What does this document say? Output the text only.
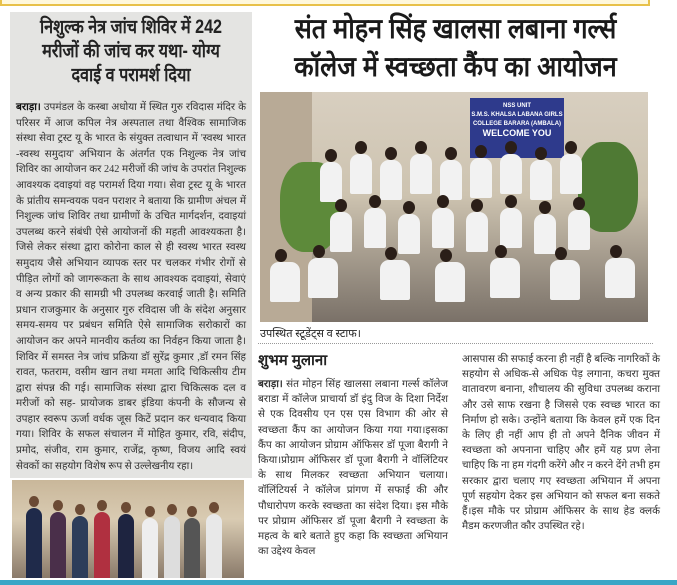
निशुल्क नेत्र जांच शिविर में 242 मरीजों की जांच कर यथा- योग्य दवाई व परामर्श दिया

बराड़ा। उपमंडल के कस्बा अधोया में स्थित गुरु रविदास मंदिर के परिसर में आज कपिल नेत्र अस्पताल तथा वैश्विक सामाजिक संस्था सेवा ट्रस्ट यू के भारत के संयुक्त तत्वाधान में 'स्वस्थ भारत -स्वस्थ समुदाय' अभियान के अंतर्गत एक निशुल्क नेत्र जांच शिविर का आयोजन कर 242 मरीजों की जांच के उपरांत निशुल्क आवश्यक दवाइयां वह परामर्श दिया गया। सेवा ट्रस्ट यू के भारत के प्रांतीय समन्वयक पवन पराशर ने बताया कि ग्रामीण अंचल में निशुल्क जांच शिविर तथा ग्रामीणों के उचित मार्गदर्शन, दवाइयां उपलब्ध करने संबंधी ऐसे आयोजनों की महती आवश्यकता है। जिसे लेकर संस्था द्वारा कोरोना काल से ही स्वस्थ भारत स्वस्थ समुदाय जैसे अभियान व्यापक स्तर पर चलकर गंभीर रोगों से पीड़ित लोगों को जागरूकता के साथ आवश्यक दवाइयां, सेवाएं व अन्य प्रकार की सामग्री भी उपलब्ध करवाई जाती है। समिति प्रधान राजकुमार के अनुसार गुरु रविदास जी के संदेश अनुसार समय-समय पर प्रबंधन समिति ऐसे सामाजिक सरोकारों का आयोजन कर अपने मानवीय कर्तव्य का निर्वहन किया जाता है। शिविर में समस्त नेत्र जांच प्रक्रिया डॉ सुरेंद्र कुमार ,डॉ रमन सिंह रावत, फतराम, वसीम खान तथा ममता आदि चिकित्सीय टीम द्वारा संपन्न की गई। सामाजिक संस्था द्वारा चिकित्सक दल व मरीजों को सह- प्रायोजक डाबर इंडिया कंपनी के सौजन्य से उपहार स्वरूप ऊर्जा वर्धक जूस किटें प्रदान कर धन्यवाद किया गया। शिविर के सफल संचालन में मोहित कुमार, रवि, संदीप, प्रमोद, संजीव, राम कुमार, राजेंद्र, कृष्ण, विजय आदि स्वयं सेवकों का सहयोग विशेष रूप से उल्लेखनीय रहा।

संत मोहन सिंह खालसा लबाना गर्ल्स कॉलेज में स्वच्छता कैंप का आयोजन
NSS UNIT
S.M.S. KHALSA LABANA GIRLS COLLEGE BARARA (AMBALA)
WELCOME YOU
उपस्थित स्टूडेंट्स व स्टाफ।
शुभम मुलाना

बराड़ा। संत मोहन सिंह खालसा लबाना गर्ल्स कॉलेज बराडा में कॉलेज प्राचार्या डॉ इंदु विज के दिशा निर्देश से एक दिवसीय एन एस एस विभाग की ओर से स्वच्छता कैंप का आयोजन किया गया गया।इसका कैंप का आयोजन प्रोग्राम ऑफिसर डॉ पूजा बैरागी ने किया।प्रोग्राम ऑफिसर डॉ पूजा बैरागी ने वॉलिंटियर के साथ मिलकर स्वच्छता अभियान चलाया। वॉलिंटियर्स ने कॉलेज प्रांगण में सफाई की और पौधारोपण करके स्वच्छता का संदेश दिया। इस मौके पर प्रोग्राम ऑफिसर डॉ पूजा बैरागी ने स्वच्छता के महत्व के बारे बताते हुए कहा कि स्वच्छता अभियान का उद्देश्य केवल

आसपास की सफाई करना ही नहीं है बल्कि नागरिकों के सहयोग से अधिक-से अधिक पेड़ लगाना, कचरा मुक्त वातावरण बनाना, शौचालय की सुविधा उपलब्ध कराना और उसे साफ रखना है जिससे एक स्वच्छ भारत का निर्माण हो सके। उन्होंने बताया कि केवल हमें एक दिन के लिए ही नहीं आप ही तो अपने दैनिक जीवन में स्वच्छता को अपनाना चाहिए और हमें यह प्रण लेना चाहिए कि ना हम गंदगी करेंगे और न करने देंगे तभी हम सरकार द्वारा चलाए गए स्वच्छता अभियान में अपना पूर्ण सहयोग देकर इस अभियान को सफल बना सकते हैं।इस मौके पर प्रोग्राम ऑफिसर के साथ हेड क्लर्क मैडम करणजीत कौर उपस्थित रहे।
